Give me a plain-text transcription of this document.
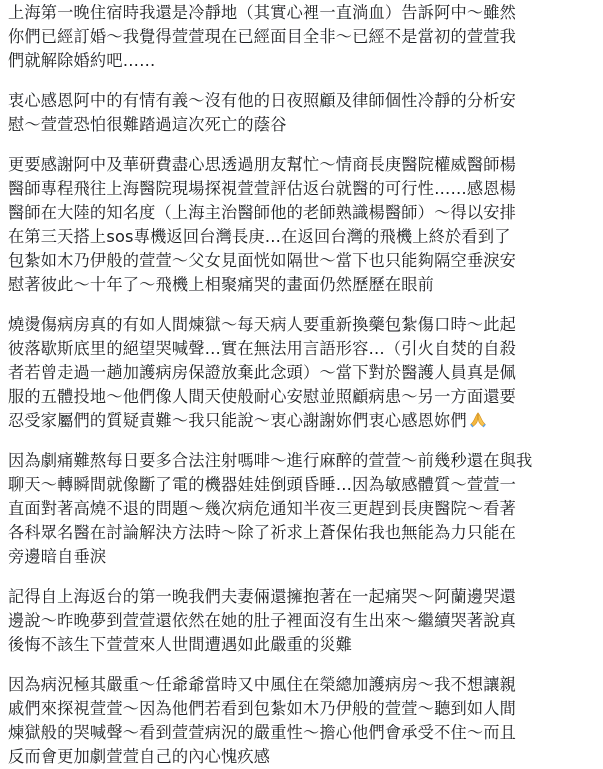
上海第一晚住宿時我還是冷靜地（其實心裡一直淌血）告訴阿中～雖然
你們已經訂婚～我覺得萱萱現在已經面目全非～已經不是當初的萱萱我
們就解除婚約吧……
衷心感恩阿中的有情有義～沒有他的日夜照顧及律師個性冷靜的分析安
慰～萱萱恐怕很難踏過這次死亡的蔭谷
更要感謝阿中及華研費盡心思透過朋友幫忙～情商長庚醫院權威醫師楊
醫師專程飛往上海醫院現場探視萱萱評估返台就醫的可行性……感恩楊
醫師在大陸的知名度（上海主治醫師他的老師熟識楊醫師）～得以安排
在第三天搭上sos專機返回台灣長庚…在返回台灣的飛機上終於看到了
包紮如木乃伊般的萱萱～父女見面恍如隔世～當下也只能夠隔空垂淚安
慰著彼此～十年了～飛機上相聚痛哭的畫面仍然歷歷在眼前
燒燙傷病房真的有如人間煉獄～每天病人要重新換藥包紮傷口時～此起
彼落歇斯底里的絕望哭喊聲…實在無法用言語形容…（引火自焚的自殺
者若曾走過一趟加護病房保證放棄此念頭）～當下對於醫護人員真是佩
服的五體投地～他們像人間天使般耐心安慰並照顧病患～另一方面還要
忍受家屬們的質疑責難～我只能說～衷心謝謝妳們衷心感恩妳們
因為劇痛難熬每日要多合法注射嗎啡～進行麻醉的萱萱～前幾秒還在與我
聊天～轉瞬間就像斷了電的機器娃娃倒頭昏睡…因為敏感體質～萱萱一
直面對著高燒不退的問題～幾次病危通知半夜三更趕到長庚醫院～看著
各科眾名醫在討論解決方法時～除了祈求上蒼保佑我也無能為力只能在
旁邊暗自垂淚
記得自上海返台的第一晚我們夫妻倆還擁抱著在一起痛哭～阿蘭邊哭還
邊說～昨晚夢到萱萱還依然在她的肚子裡面沒有生出來～繼續哭著說真
後悔不該生下萱萱來人世間遭遇如此嚴重的災難
因為病況極其嚴重～任爺爺當時又中風住在榮總加護病房～我不想讓親
戚們來探視萱萱～因為他們若看到包紮如木乃伊般的萱萱～聽到如人間
煉獄般的哭喊聲～看到萱萱病況的嚴重性～擔心他們會承受不住～而且
反而會更加劇萱萱自己的內心愧疚感
